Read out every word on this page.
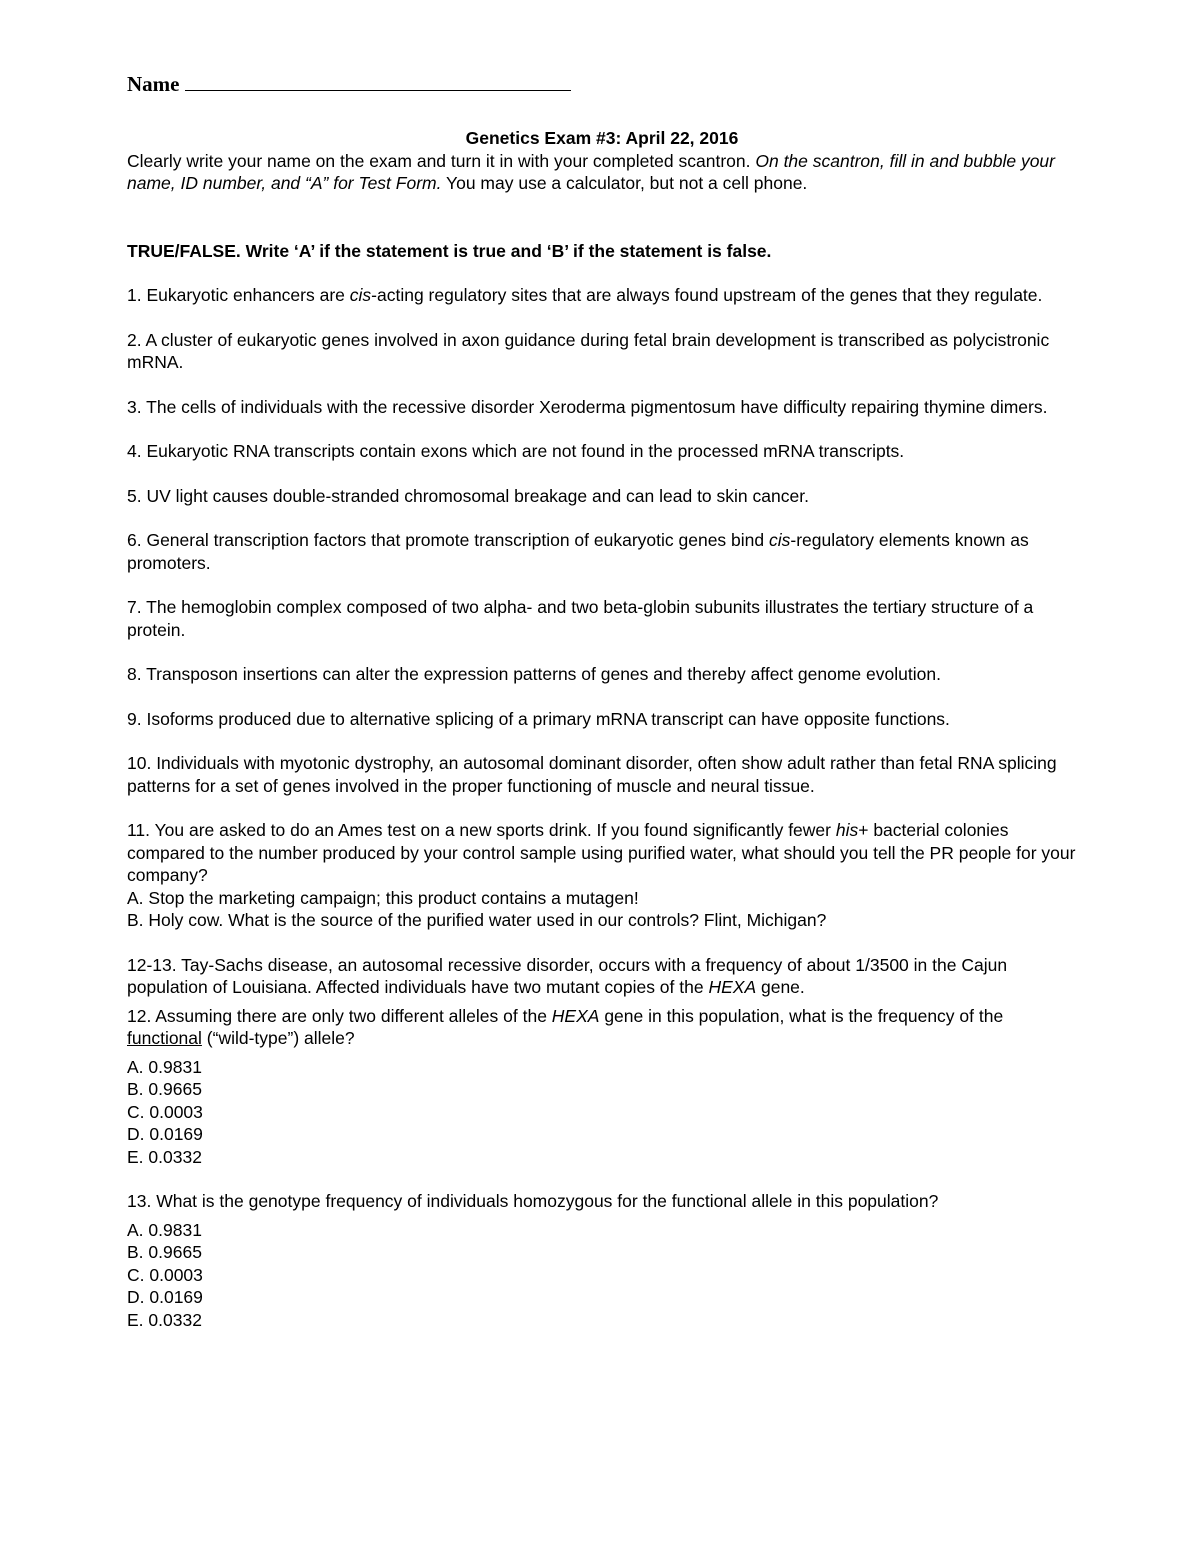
Name

Genetics Exam #3: April 22, 2016

Clearly write your name on the exam and turn it in with your completed scantron. On the scantron, fill in and bubble your name, ID number, and “A” for Test Form. You may use a calculator, but not a cell phone.

TRUE/FALSE. Write ‘A’ if the statement is true and ‘B’ if the statement is false.

1. Eukaryotic enhancers are cis-acting regulatory sites that are always found upstream of the genes that they regulate.

2. A cluster of eukaryotic genes involved in axon guidance during fetal brain development is transcribed as polycistronic mRNA.

3. The cells of individuals with the recessive disorder Xeroderma pigmentosum have difficulty repairing thymine dimers.

4. Eukaryotic RNA transcripts contain exons which are not found in the processed mRNA transcripts.

5. UV light causes double-stranded chromosomal breakage and can lead to skin cancer.

6. General transcription factors that promote transcription of eukaryotic genes bind cis-regulatory elements known as promoters.

7. The hemoglobin complex composed of two alpha- and two beta-globin subunits illustrates the tertiary structure of a protein.

8. Transposon insertions can alter the expression patterns of genes and thereby affect genome evolution.

9. Isoforms produced due to alternative splicing of a primary mRNA transcript can have opposite functions.

10. Individuals with myotonic dystrophy, an autosomal dominant disorder, often show adult rather than fetal RNA splicing patterns for a set of genes involved in the proper functioning of muscle and neural tissue.

11. You are asked to do an Ames test on a new sports drink. If you found significantly fewer his+ bacterial colonies compared to the number produced by your control sample using purified water, what should you tell the PR people for your company?

A. Stop the marketing campaign; this product contains a mutagen!

B. Holy cow. What is the source of the purified water used in our controls? Flint, Michigan?

12-13. Tay-Sachs disease, an autosomal recessive disorder, occurs with a frequency of about 1/3500 in the Cajun population of Louisiana. Affected individuals have two mutant copies of the HEXA gene.

12. Assuming there are only two different alleles of the HEXA gene in this population, what is the frequency of the functional (“wild-type”) allele?

A. 0.9831

B. 0.9665

C. 0.0003

D. 0.0169

E. 0.0332

13. What is the genotype frequency of individuals homozygous for the functional allele in this population?

A. 0.9831

B. 0.9665

C. 0.0003

D. 0.0169

E. 0.0332
